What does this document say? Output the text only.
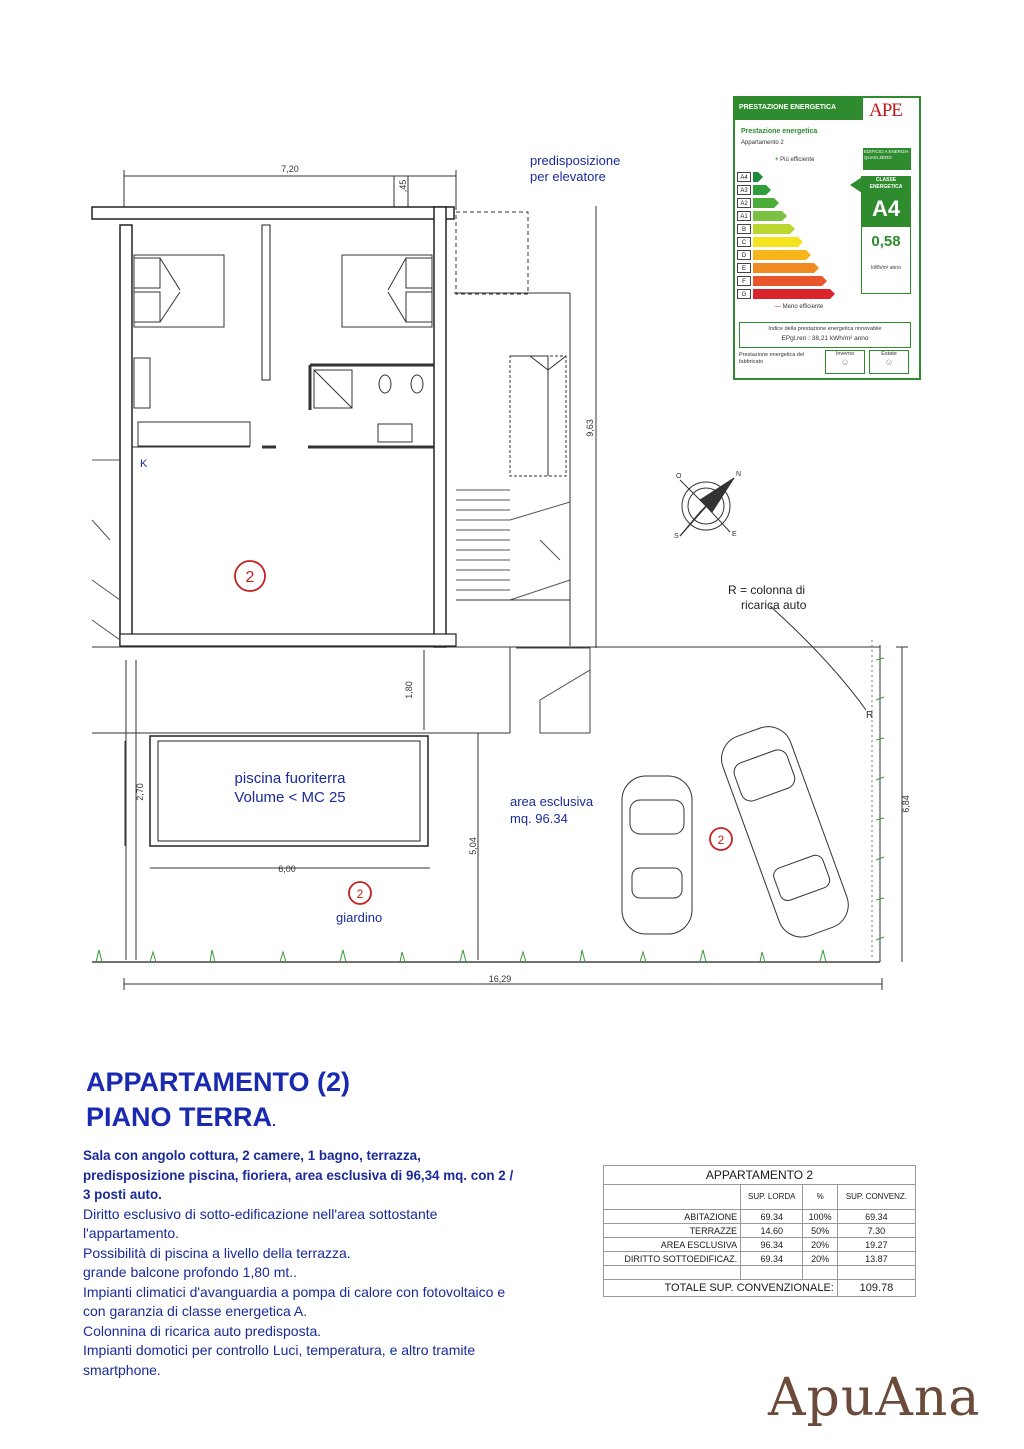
2
2
2
7,20
,45
9,63
1,80
2,70
6,00
5,04
6,84
16,29
predisposizione
per elevatore
K
R = colonna di
ricarica auto
piscina fuoriterra
Volume < MC 25	area esclusiva
mq. 96.34
giardino
R
N
O
S	E
PRESTAZIONE ENERGETICA	APE
Prestazione energetica
Appartamento 2
+ Più efficiente
EDIFICIO A ENERGIA QUASI ZERO
A4
A3
A2
A1
B
C
D
E
F
G
CLASSE ENERGETICA
A4
0,58
kWh/m² anno
— Meno efficiente
Indice della prestazione energetica rinnovabile
EPgl,ren : 38,21 kWh/m² anno
Prestazione energetica del fabbricato
Inverno
☺
Estate
☺
APPARTAMENTO (2)
PIANO TERRA.
Sala con angolo cottura, 2 camere, 1 bagno, terrazza, predisposizione piscina, fioriera, area esclusiva di 96,34 mq. con 2 / 3 posti auto.
Diritto esclusivo di sotto-edificazione nell'area sottostante l'appartamento.
Possibilità di piscina a livello della terrazza.
grande balcone profondo 1,80 mt..
Impianti climatici d'avanguardia a pompa di calore con fotovoltaico e con garanzia di classe energetica A.
Colonnina di ricarica auto predisposta.
Impianti domotici per controllo Luci, temperatura, e altro tramite smartphone.
APPARTAMENTO 2			
	SUP. LORDA	%	SUP. CONVENZ.
ABITAZIONE	69.34	100%	69.34
TERRAZZE	14.60	50%	7.30
AREA ESCLUSIVA	96.34	20%	19.27
DIRITTO SOTTOEDIFICAZ.	69.34	20%	13.87

TOTALE SUP. CONVENZIONALE:			109.78
ApuAna
